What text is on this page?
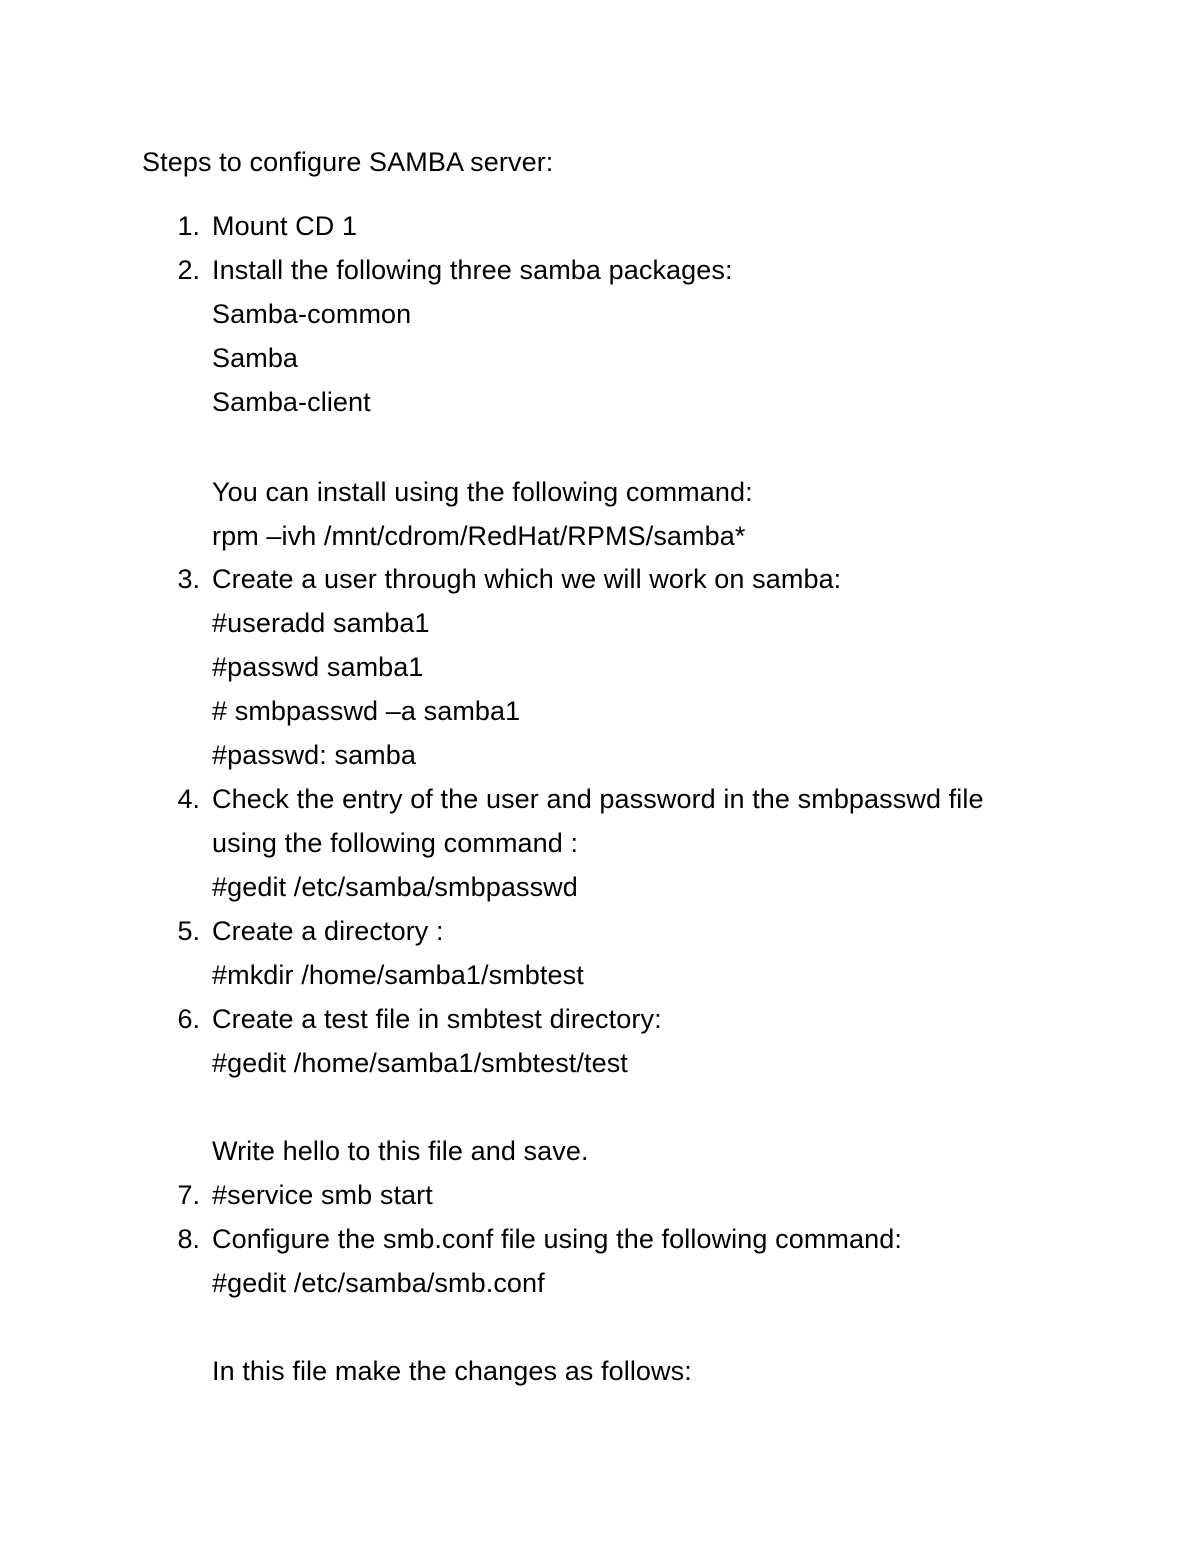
Steps to configure SAMBA server:
1. Mount CD 1
2. Install the following three samba packages:
Samba-common
Samba
Samba-client
You can install using the following command:
rpm –ivh /mnt/cdrom/RedHat/RPMS/samba*
3. Create a user through which we will work on samba:
#useradd samba1
#passwd samba1
# smbpasswd –a samba1
#passwd: samba
4. Check the entry of the user and password in the smbpasswd file
using the following command :
#gedit /etc/samba/smbpasswd
5. Create a directory :
#mkdir /home/samba1/smbtest
6. Create a test file in smbtest directory:
#gedit /home/samba1/smbtest/test
Write hello to this file and save.
7. #service smb start
8. Configure the smb.conf file using the following command:
#gedit /etc/samba/smb.conf
In this file make the changes as follows:
